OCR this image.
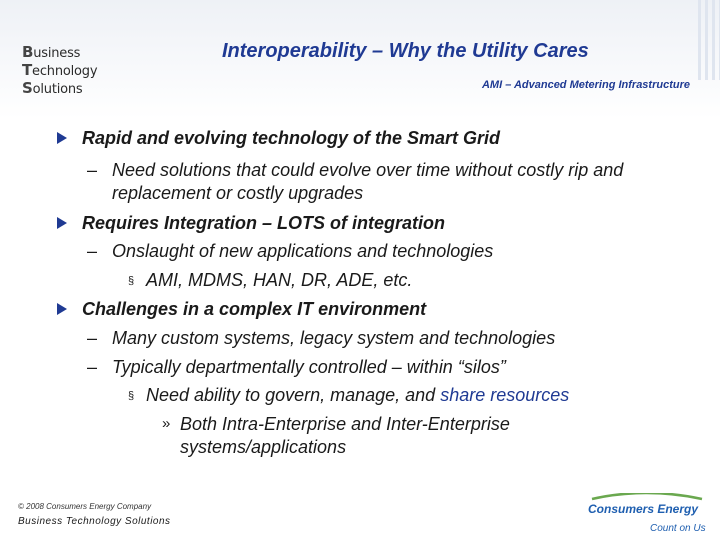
Business
Technology
Solutions
Interoperability – Why the Utility Cares
AMI – Advanced Metering Infrastructure
Rapid and evolving technology of the Smart Grid
– Need solutions that could evolve over time without costly rip and
replacement or costly upgrades
Requires Integration – LOTS of integration
– Onslaught of new applications and technologies
§ AMI, MDMS, HAN, DR, ADE, etc.
Challenges in a complex IT environment
– Many custom systems, legacy system and technologies
– Typically departmentally controlled – within “silos”
§ Need ability to govern, manage, and share resources
» Both Intra-Enterprise and Inter-Enterprise
systems/applications
© 2008 Consumers Energy Company
Business Technology Solutions
Consumers Energy
Count on Us
